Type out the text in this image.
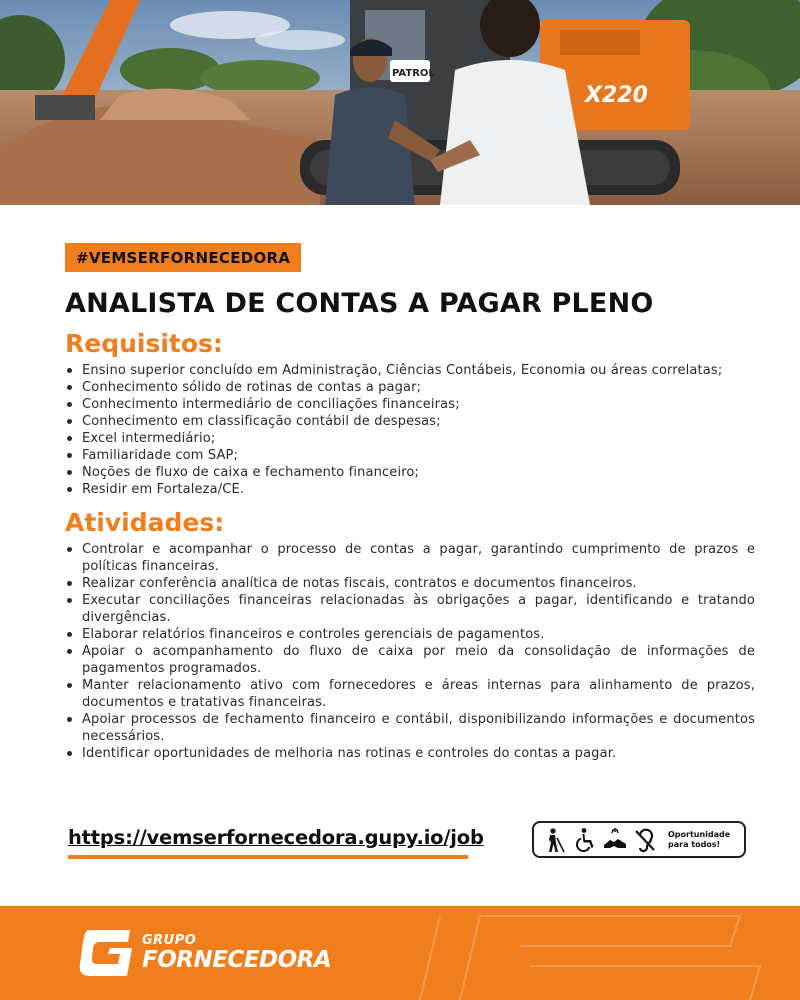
X220
PATROL
#VEMSERFORNECEDORA
ANALISTA DE CONTAS A PAGAR PLENO
Requisitos:
Ensino superior concluído em Administração, Ciências Contábeis, Economia ou áreas correlatas;
Conhecimento sólido de rotinas de contas a pagar;
Conhecimento intermediário de conciliações financeiras;
Conhecimento em classificação contábil de despesas;
Excel intermediário;
Familiaridade com SAP;
Noções de fluxo de caixa e fechamento financeiro;
Residir em Fortaleza/CE.
Atividades:
Controlar e acompanhar o processo de contas a pagar, garantindo cumprimento de prazos e políticas financeiras.
Realizar conferência analítica de notas fiscais, contratos e documentos financeiros.
Executar conciliações financeiras relacionadas às obrigações a pagar, identificando e tratando divergências.
Elaborar relatórios financeiros e controles gerenciais de pagamentos.
Apoiar o acompanhamento do fluxo de caixa por meio da consolidação de informações de pagamentos programados.
Manter relacionamento ativo com fornecedores e áreas internas para alinhamento de prazos, documentos e tratativas financeiras.
Apoiar processos de fechamento financeiro e contábil, disponibilizando informações e documentos necessários.
Identificar oportunidades de melhoria nas rotinas e controles do contas a pagar.
https://vemserfornecedora.gupy.io/job	Oportunidade
para todos!
GRUPO
FORNECEDORA
